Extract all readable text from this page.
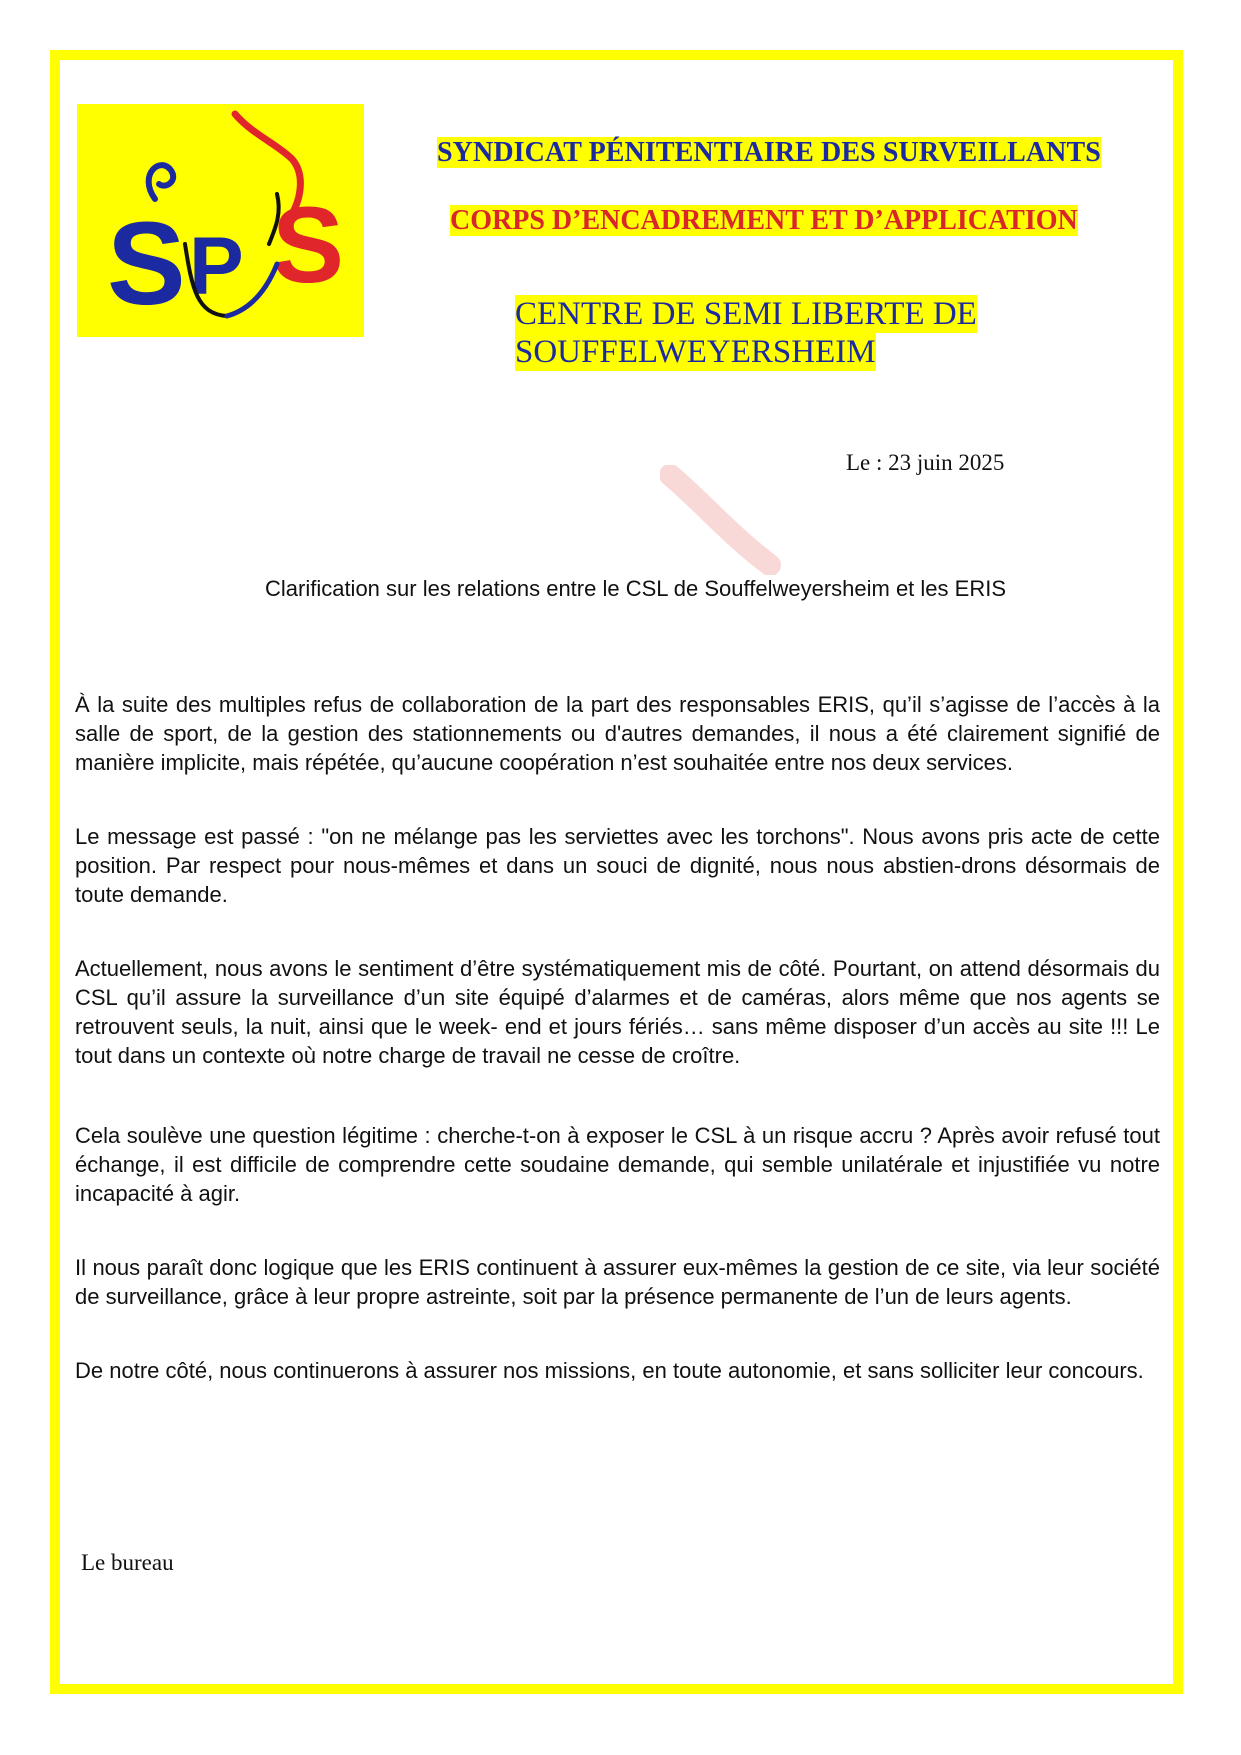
S P S
SYNDICAT PÉNITENTIAIRE DES SURVEILLANTS
CORPS D’ENCADREMENT ET D’APPLICATION
CENTRE DE SEMI LIBERTE DE
SOUFFELWEYERSHEIM
Le : 23 juin 2025
Clarification sur les relations entre le CSL de Souffelweyersheim et les ERIS

À la suite des multiples refus de collaboration de la part des responsables ERIS, qu’il s’agisse de l’accès à la salle de sport, de la gestion des stationnements ou d'autres demandes, il nous a été clairement signifié de manière implicite, mais répétée, qu’aucune coopération n’est souhaitée entre nos deux services.

Le message est passé : "on ne mélange pas les serviettes avec les torchons". Nous avons pris acte de cette position. Par respect pour nous-mêmes et dans un souci de dignité, nous nous abstien-drons désormais de toute demande.

Actuellement, nous avons le sentiment d’être systématiquement mis de côté. Pourtant, on attend désormais du CSL qu’il assure la surveillance d’un site équipé d’alarmes et de caméras, alors même que nos agents se retrouvent seuls, la nuit, ainsi que le week- end et jours fériés… sans même disposer d’un accès au site !!! Le tout dans un contexte où notre charge de travail ne cesse de croître.

Cela soulève une question légitime : cherche-t-on à exposer le CSL à un risque accru ? Après avoir refusé tout échange, il est difficile de comprendre cette soudaine demande, qui semble unilatérale et injustifiée vu notre incapacité à agir.

Il nous paraît donc logique que les ERIS continuent à assurer eux-mêmes la gestion de ce site, via leur société de surveillance, grâce à leur propre astreinte, soit par la présence permanente de l’un de leurs agents.

De notre côté, nous continuerons à assurer nos missions, en toute autonomie, et sans solliciter leur concours.

Le bureau
